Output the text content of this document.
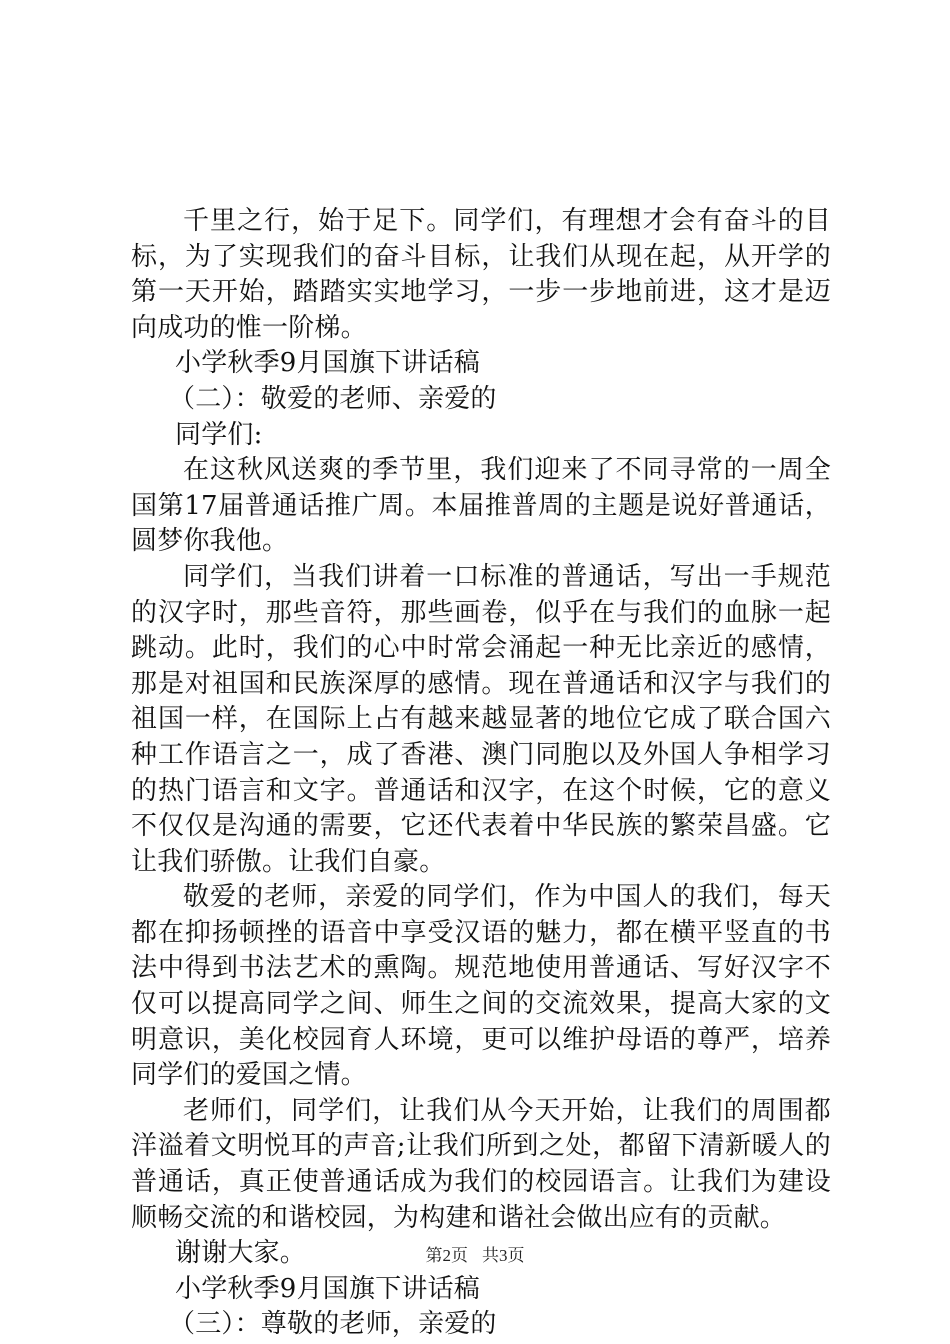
千里之行，始于足下。同学们，有理想才会有奋斗的目标，为了实现我们的奋斗目标，让我们从现在起，从开学的第一天开始，踏踏实实地学习，一步一步地前进，这才是迈向成功的惟一阶梯。

小学秋季9月国旗下讲话稿

（二）：敬爱的老师、亲爱的

同学们:

在这秋风送爽的季节里，我们迎来了不同寻常的一周全国第17届普通话推广周。本届推普周的主题是说好普通话，圆梦你我他。

同学们，当我们讲着一口标准的普通话，写出一手规范的汉字时，那些音符，那些画卷，似乎在与我们的血脉一起跳动。此时，我们的心中时常会涌起一种无比亲近的感情，那是对祖国和民族深厚的感情。现在普通话和汉字与我们的祖国一样，在国际上占有越来越显著的地位它成了联合国六种工作语言之一，成了香港、澳门同胞以及外国人争相学习的热门语言和文字。普通话和汉字，在这个时候，它的意义不仅仅是沟通的需要，它还代表着中华民族的繁荣昌盛。它让我们骄傲。让我们自豪。

敬爱的老师，亲爱的同学们，作为中国人的我们，每天都在抑扬顿挫的语音中享受汉语的魅力，都在横平竖直的书法中得到书法艺术的熏陶。规范地使用普通话、写好汉字不仅可以提高同学之间、师生之间的交流效果，提高大家的文明意识，美化校园育人环境，更可以维护母语的尊严，培养同学们的爱国之情。

老师们，同学们，让我们从今天开始，让我们的周围都洋溢着文明悦耳的声音;让我们所到之处，都留下清新暖人的普通话，真正使普通话成为我们的校园语言。让我们为建设顺畅交流的和谐校园，为构建和谐社会做出应有的贡献。

谢谢大家。

小学秋季9月国旗下讲话稿

（三）：尊敬的老师，亲爱的

第2页 共3页
